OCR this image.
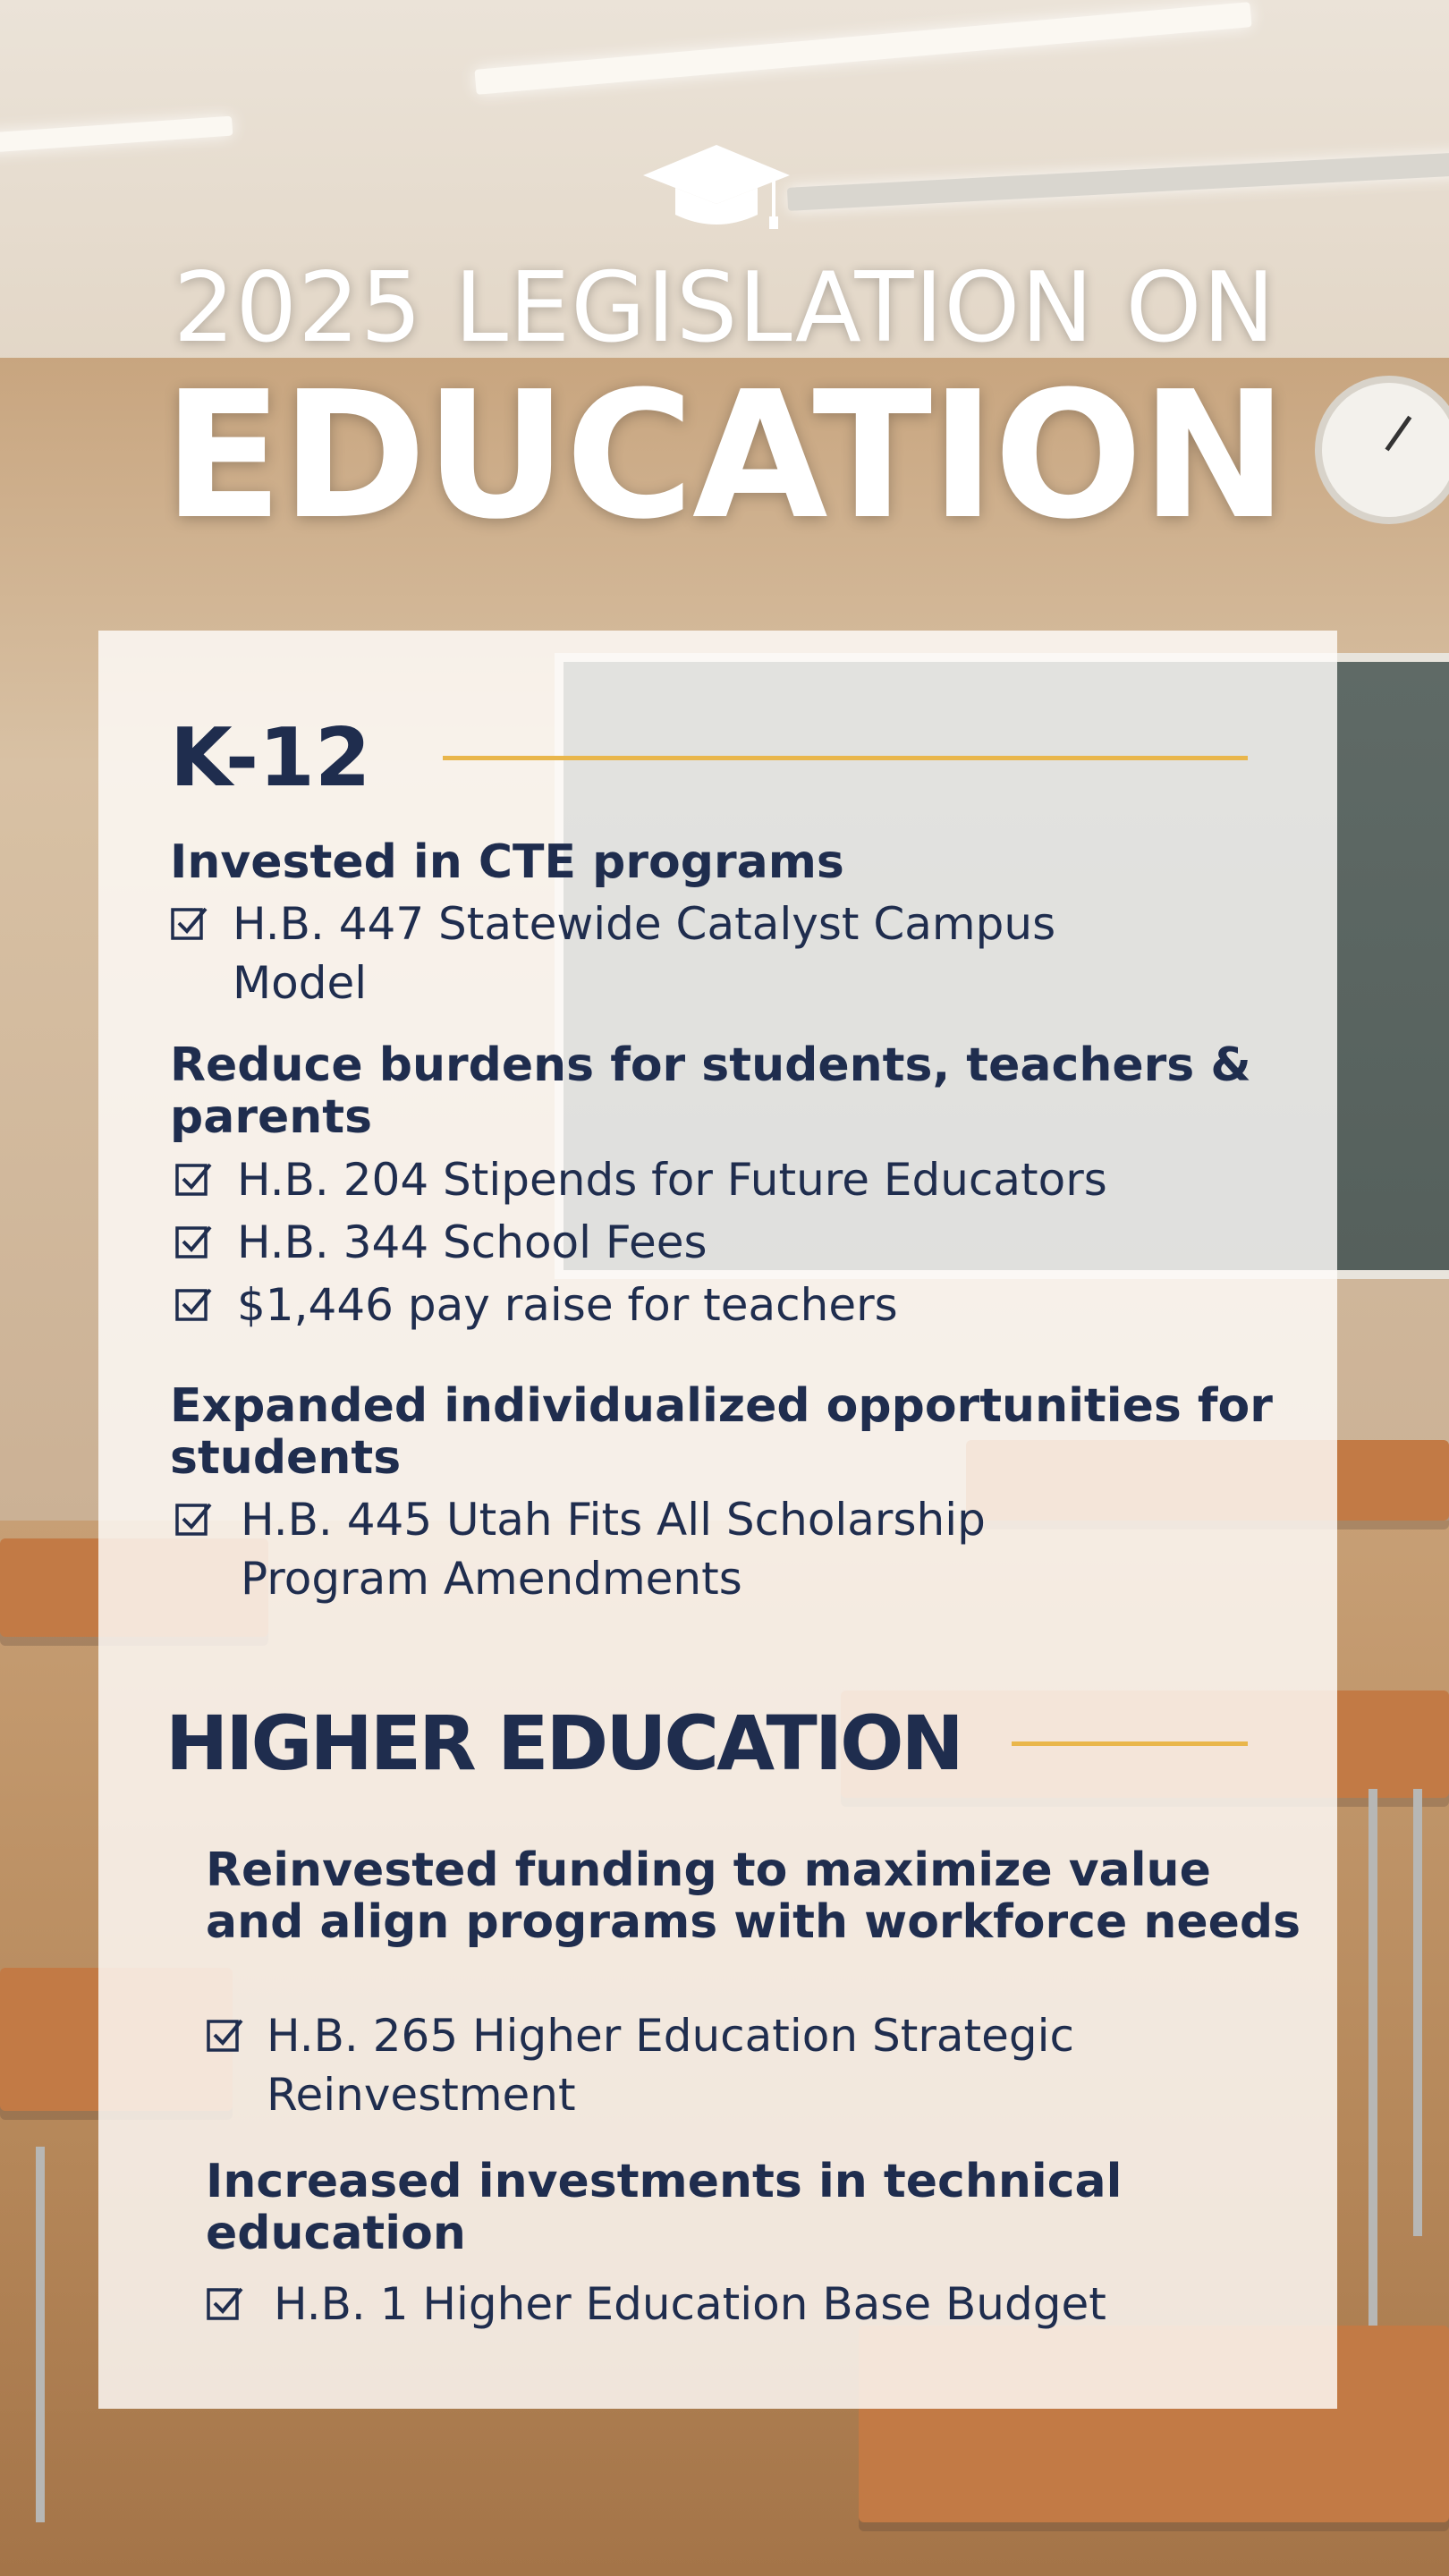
2025 LEGISLATION ON
EDUCATION
K-12
Invested in CTE programs
H.B. 447 Statewide Catalyst Campus Model
Reduce burdens for students, teachers & parents
H.B. 204 Stipends for Future Educators
H.B. 344 School Fees
$1,446 pay raise for teachers
Expanded individualized opportunities for students
H.B. 445 Utah Fits All Scholarship Program Amendments
HIGHER EDUCATION
Reinvested funding to maximize value and align programs with workforce needs
H.B. 265 Higher Education Strategic Reinvestment
Increased investments in technical education
H.B. 1 Higher Education Base Budget
